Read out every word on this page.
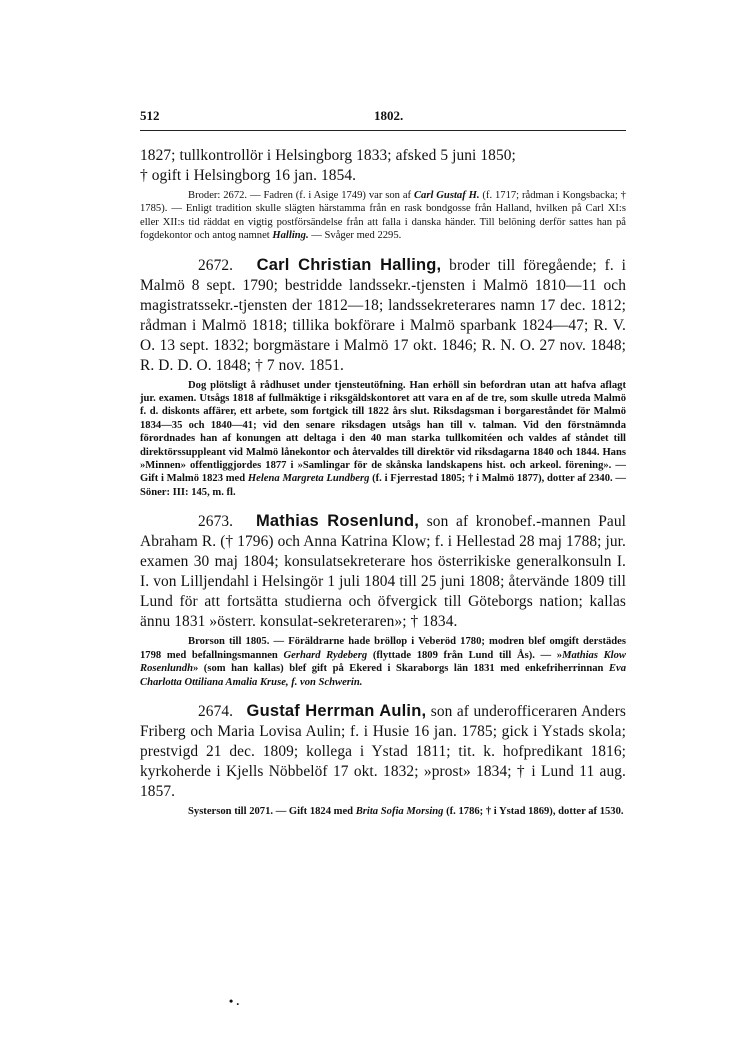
512	1802.

1827; tullkontrollör i Helsingborg 1833; afsked 5 juni 1850;
† ogift i Helsingborg 16 jan. 1854.

Broder: 2672. — Fadren (f. i Asige 1749) var son af Carl Gustaf H. (f. 1717; rådman i Kongsbacka; † 1785). — Enligt tradition skulle slägten härstamma från en rask bondgosse från Halland, hvilken på Carl XI:s eller XII:s tid räddat en vigtig postförsändelse från att falla i danska händer. Till belöning derför sattes han på fogdekontor och antog namnet Halling. — Svåger med 2295.

2672. Carl Christian Halling, broder till föregående; f. i Malmö 8 sept. 1790; bestridde landssekr.-tjensten i Malmö 1810—11 och magistratssekr.-tjensten der 1812—18; landssekreterares namn 17 dec. 1812; rådman i Malmö 1818; tillika bokförare i Malmö sparbank 1824—47; R. V. O. 13 sept. 1832; borgmästare i Malmö 17 okt. 1846; R. N. O. 27 nov. 1848; R. D. D. O. 1848; † 7 nov. 1851.

Dog plötsligt å rådhuset under tjensteutöfning. Han erhöll sin befordran utan att hafva aflagt jur. examen. Utsågs 1818 af fullmäktige i riksgäldskontoret att vara en af de tre, som skulle utreda Malmö f. d. diskonts affärer, ett arbete, som fortgick till 1822 års slut. Riksdagsman i borgareståndet för Malmö 1834—35 och 1840—41; vid den senare riksdagen utsågs han till v. talman. Vid den förstnämnda förordnades han af konungen att deltaga i den 40 man starka tullkomitéen och valdes af ståndet till direktörssuppleant vid Malmö lånekontor och återvaldes till direktör vid riksdagarna 1840 och 1844. Hans »Minnen» offentliggjordes 1877 i »Samlingar för de skånska landskapens hist. och arkeol. förening». — Gift i Malmö 1823 med Helena Margreta Lundberg (f. i Fjerrestad 1805; † i Malmö 1877), dotter af 2340. — Söner: III: 145, m. fl.

2673. Mathias Rosenlund, son af kronobef.-mannen Paul Abraham R. († 1796) och Anna Katrina Klow; f. i Hellestad 28 maj 1788; jur. examen 30 maj 1804; konsulatsekreterare hos österrikiske generalkonsuln I. I. von Lilljendahl i Helsingör 1 juli 1804 till 25 juni 1808; återvände 1809 till Lund för att fortsätta studierna och öfvergick till Göteborgs nation; kallas ännu 1831 »österr. konsulat-sekreteraren»; † 1834.

Brorson till 1805. — Föräldrarne hade bröllop i Veberöd 1780; modren blef omgift derstädes 1798 med befallningsmannen Gerhard Rydeberg (flyttade 1809 från Lund till Ås). — »Mathias Klow Rosenlundh» (som han kallas) blef gift på Ekered i Skaraborgs län 1831 med enkefriherrinnan Eva Charlotta Ottiliana Amalia Kruse, f. von Schwerin.

2674. Gustaf Herrman Aulin, son af underofficeraren Anders Friberg och Maria Lovisa Aulin; f. i Husie 16 jan. 1785; gick i Ystads skola; prestvigd 21 dec. 1809; kollega i Ystad 1811; tit. k. hofpredikant 1816; kyrkoherde i Kjells Nöbbelöf 17 okt. 1832; »prost» 1834; † i Lund 11 aug. 1857.

Systerson till 2071. — Gift 1824 med Brita Sofia Morsing (f. 1786; † i Ystad 1869), dotter af 1530.

• .
